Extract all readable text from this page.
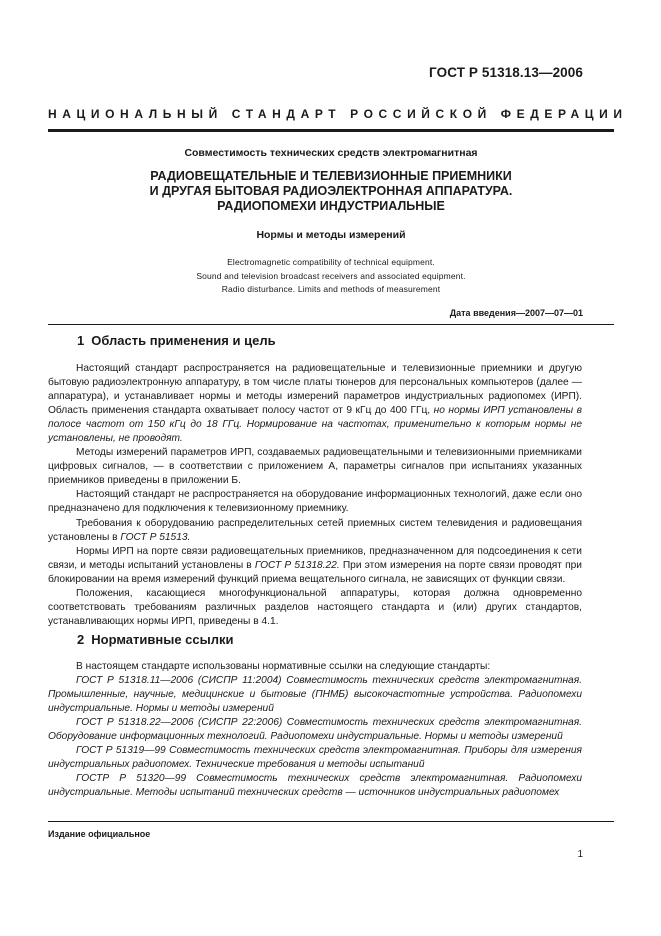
ГОСТ Р 51318.13—2006
НАЦИОНАЛЬНЫЙ СТАНДАРТ РОССИЙСКОЙ ФЕДЕРАЦИИ
Совместимость технических средств электромагнитная
РАДИОВЕЩАТЕЛЬНЫЕ И ТЕЛЕВИЗИОННЫЕ ПРИЕМНИКИ
И ДРУГАЯ БЫТОВАЯ РАДИОЭЛЕКТРОННАЯ АППАРАТУРА.
РАДИОПОМЕХИ ИНДУСТРИАЛЬНЫЕ
Нормы и методы измерений
Electromagnetic compatibility of technical equipment.
Sound and television broadcast receivers and associated equipment.
Radio disturbance. Limits and methods of measurement
Дата введения—2007—07—01
1 Область применения и цель

Настоящий стандарт распространяется на радиовещательные и телевизионные приемники и другую бытовую радиоэлектронную аппаратуру, в том числе платы тюнеров для персональных компьютеров (далее — аппаратура), и устанавливает нормы и методы измерений параметров индустриальных радиопомех (ИРП). Область применения стандарта охватывает полосу частот от 9 кГц до 400 ГГц, но нормы ИРП установлены в полосе частот от 150 кГц до 18 ГГц. Нормирование на частотах, применительно к которым нормы не установлены, не проводят.

Методы измерений параметров ИРП, создаваемых радиовещательными и телевизионными приемниками цифровых сигналов, — в соответствии с приложением А, параметры сигналов при испытаниях указанных приемников приведены в приложении Б.

Настоящий стандарт не распространяется на оборудование информационных технологий, даже если оно предназначено для подключения к телевизионному приемнику.

Требования к оборудованию распределительных сетей приемных систем телевидения и радиовещания установлены в ГОСТ Р 51513.

Нормы ИРП на порте связи радиовещательных приемников, предназначенном для подсоединения к сети связи, и методы испытаний установлены в ГОСТ Р 51318.22. При этом измерения на порте связи проводят при блокировании на время измерений функций приема вещательного сигнала, не зависящих от функции связи.

Положения, касающиеся многофункциональной аппаратуры, которая должна одновременно соответствовать требованиям различных разделов настоящего стандарта и (или) других стандартов, устанавливающих нормы ИРП, приведены в 4.1.

2 Нормативные ссылки

В настоящем стандарте использованы нормативные ссылки на следующие стандарты:

ГОСТ Р 51318.11—2006 (СИСПР 11:2004) Совместимость технических средств электромагнитная. Промышленные, научные, медицинские и бытовые (ПНМБ) высокочастотные устройства. Радиопомехи индустриальные. Нормы и методы измерений

ГОСТ Р 51318.22—2006 (СИСПР 22:2006) Совместимость технических средств электромагнитная. Оборудование информационных технологий. Радиопомехи индустриальные. Нормы и методы измерений

ГОСТ Р 51319—99 Совместимость технических средств электромагнитная. Приборы для измерения индустриальных радиопомех. Технические требования и методы испытаний

ГОСТР Р 51320—99 Совместимость технических средств электромагнитная. Радиопомехи индустриальные. Методы испытаний технических средств — источников индустриальных радиопомех

Издание официальное
1
